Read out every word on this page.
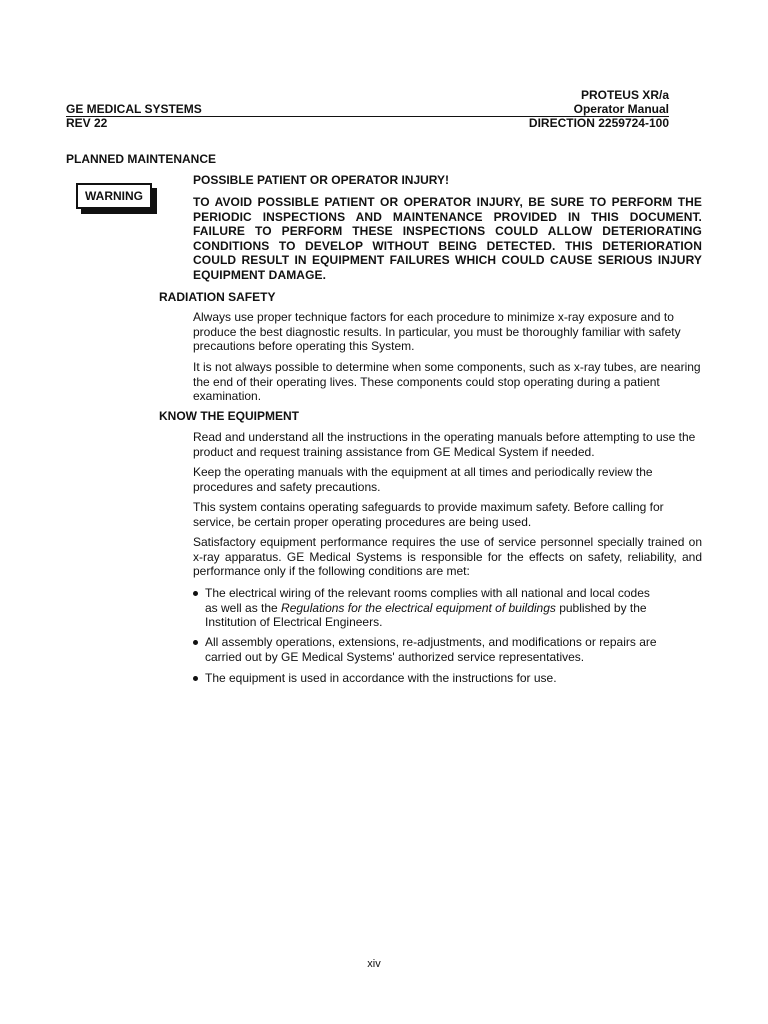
PROTEUS XR/a
GE MEDICAL SYSTEMS	Operator Manual
REV 22	DIRECTION 2259724-100
PLANNED MAINTENANCE
WARNING
POSSIBLE PATIENT OR OPERATOR INJURY!
TO AVOID POSSIBLE PATIENT OR OPERATOR INJURY, BE SURE TO PERFORM THE PERIODIC INSPECTIONS AND MAINTENANCE PROVIDED IN THIS DOCUMENT. FAILURE TO PERFORM THESE INSPECTIONS COULD ALLOW DETERIORATING CONDITIONS TO DEVELOP WITHOUT BEING DETECTED. THIS DETERIORATION COULD RESULT IN EQUIPMENT FAILURES WHICH COULD CAUSE SERIOUS INJURY EQUIPMENT DAMAGE.
RADIATION SAFETY
Always use proper technique factors for each procedure to minimize x-ray exposure and to produce the best diagnostic results. In particular, you must be thoroughly familiar with safety precautions before operating this System.
It is not always possible to determine when some components, such as x-ray tubes, are nearing the end of their operating lives. These components could stop operating during a patient examination.
KNOW THE EQUIPMENT
Read and understand all the instructions in the operating manuals before attempting to use the product and request training assistance from GE Medical System if needed.
Keep the operating manuals with the equipment at all times and periodically review the procedures and safety precautions.
This system contains operating safeguards to provide maximum safety. Before calling for service, be certain proper operating procedures are being used.
Satisfactory equipment performance requires the use of service personnel specially trained on x-ray apparatus. GE Medical Systems is responsible for the effects on safety, reliability, and performance only if the following conditions are met:
The electrical wiring of the relevant rooms complies with all national and local codes as well as the Regulations for the electrical equipment of buildings published by the Institution of Electrical Engineers.
All assembly operations, extensions, re-adjustments, and modifications or repairs are carried out by GE Medical Systems' authorized service representatives.
The equipment is used in accordance with the instructions for use.
xiv
